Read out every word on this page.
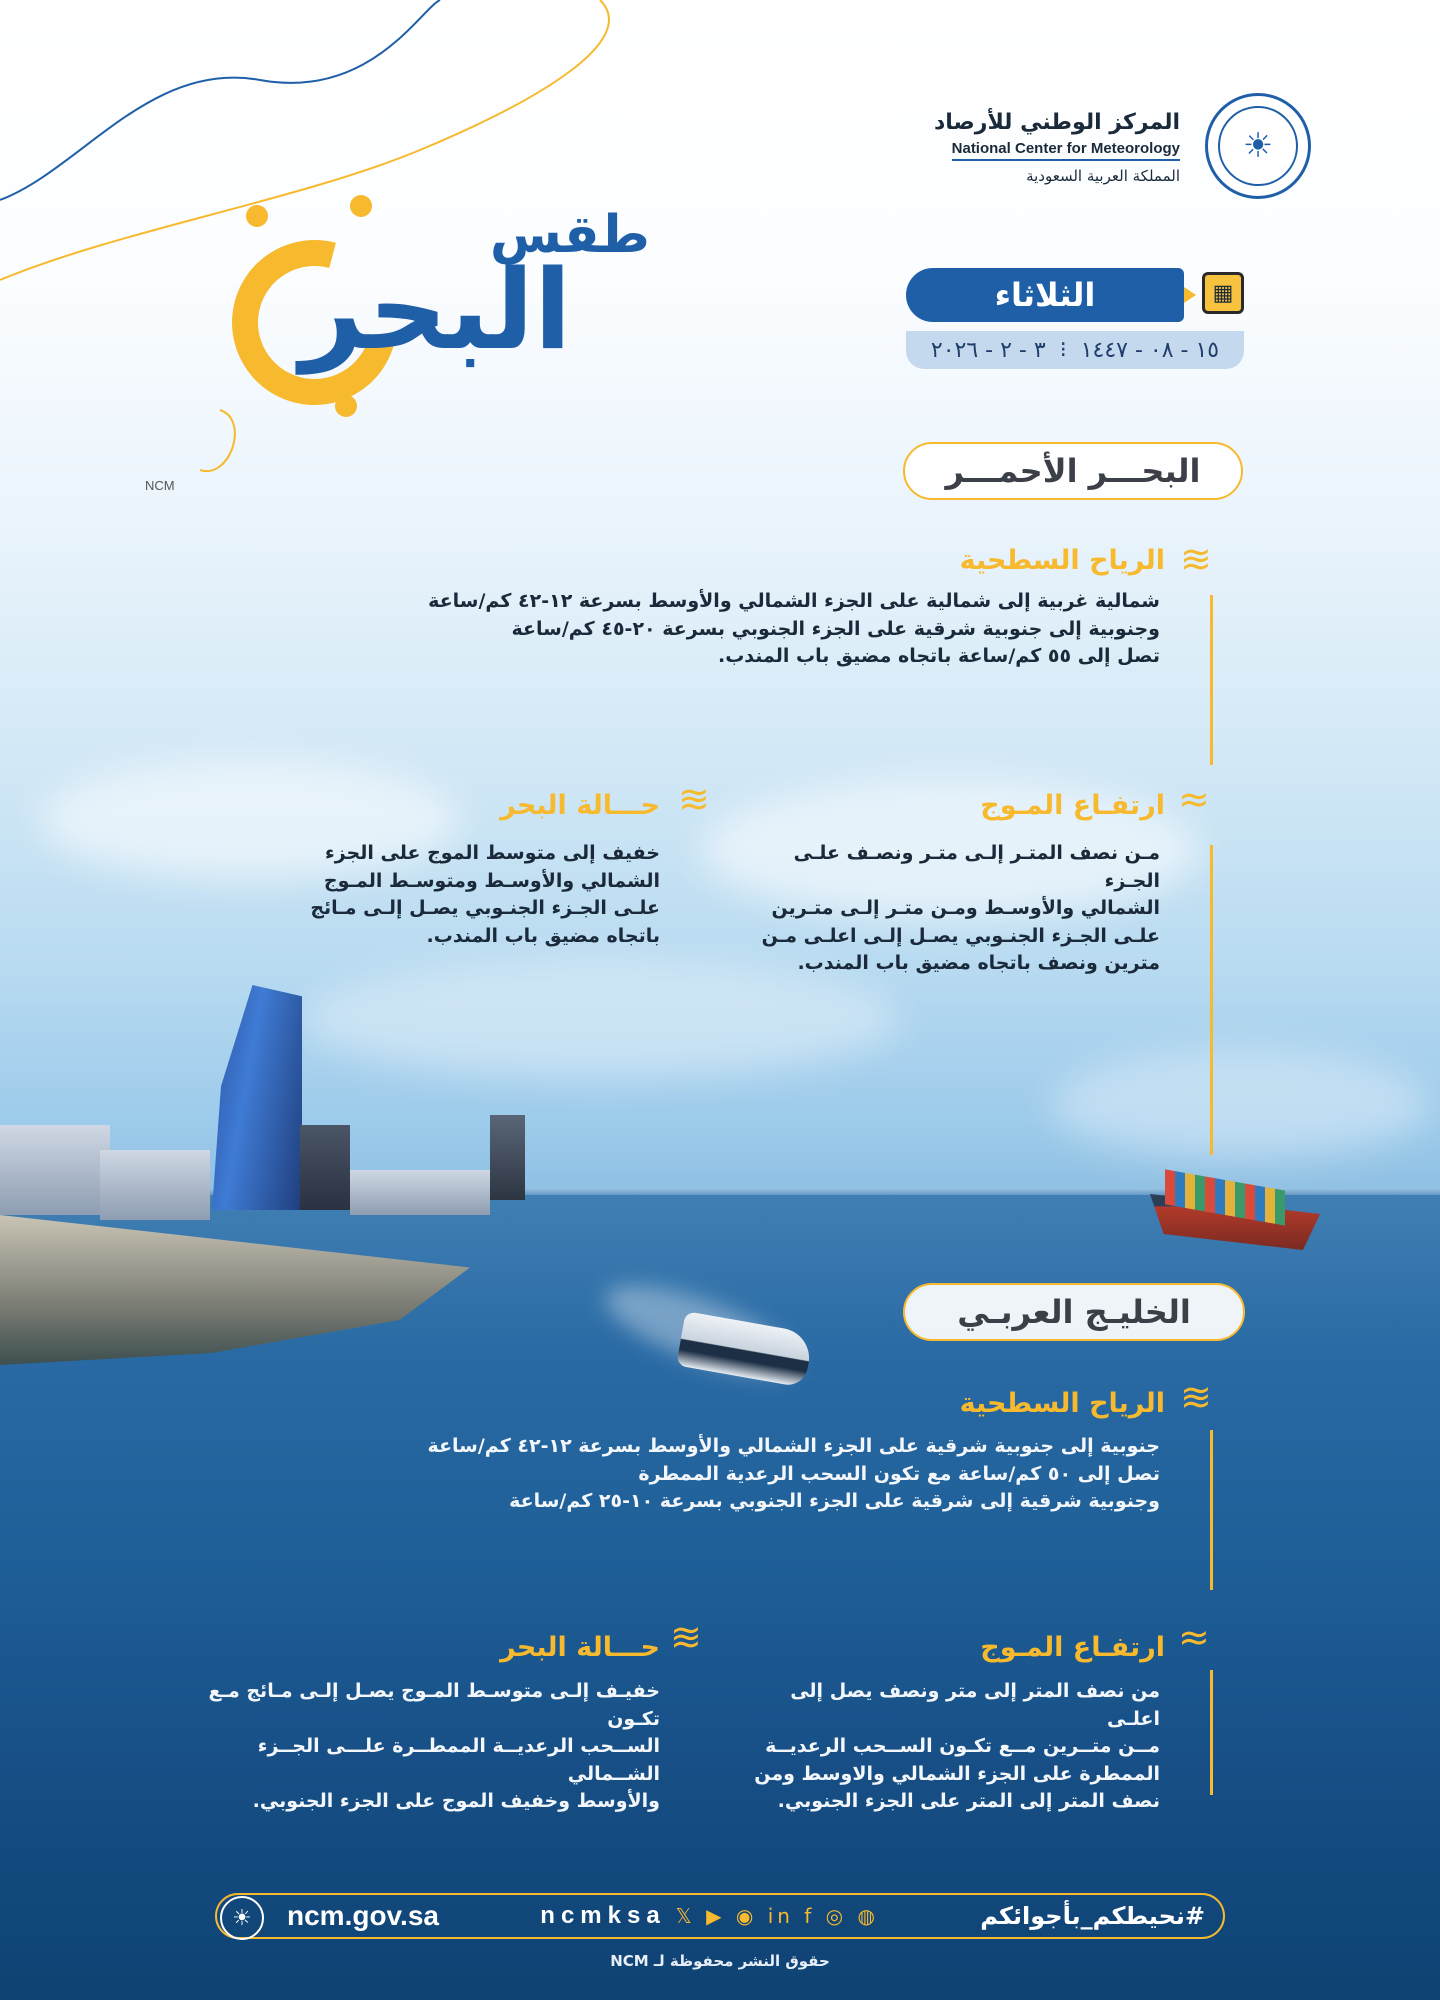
☀
المركز الوطني للأرصاد
National Center for Meteorology
المملكة العربية السعودية
طقس
البحر
NCM
الثلاثاء	▦
١٥ - ٠٨ - ١٤٤٧
⁝
٣ - ٢ - ٢٠٢٦
البحـــر الأحمـــر
≋
الرياح السطحية
شمالية غربية إلى شمالية على الجزء الشمالي والأوسط بسرعة ١٢-٤٢ كم/ساعة
وجنوبية إلى جنوبية شرقية على الجزء الجنوبي بسرعة ٢٠-٤٥ كم/ساعة
تصل إلى ٥٥ كم/ساعة باتجاه مضيق باب المندب.
≈
ارتفـاع المـوج
مـن نصف المتـر إلـى متـر ونصـف علـى الجـزء
الشمالي والأوسـط ومـن متـر إلـى متـرين
علـى الجـزء الجنـوبي يصـل إلـى اعلـى مـن
مترين ونصف باتجاه مضيق باب المندب.
≋
حـــالة البحر
خفيف إلى متوسط الموج على الجزء
الشمالي والأوسـط ومتوسـط المـوج
علـى الجـزء الجنـوبي يصـل إلـى مـائج
باتجاه مضيق باب المندب.
الخليـج العربـي
≋
الرياح السطحية
جنوبية إلى جنوبية شرقية على الجزء الشمالي والأوسط بسرعة ١٢-٤٢ كم/ساعة
تصل إلى ٥٠ كم/ساعة مع تكون السحب الرعدية الممطرة
وجنوبية شرقية إلى شرقية على الجزء الجنوبي بسرعة ١٠-٢٥ كم/ساعة
≈
ارتفـاع المـوج
من نصف المتر إلى متر ونصف يصل إلى اعلـى
مــن متــرين مــع تكـون الســحب الرعديــة
الممطرة على الجزء الشمالي والاوسط ومن
نصف المتر إلى المتر على الجزء الجنوبي.
≋
حـــالة البحر
خفيـف إلـى متوسـط المـوج يصـل إلـى مـائج مـع تكـون
الســحب الرعديــة الممطــرة علـــى الجــزء الشــمالي
والأوسط وخفيف الموج على الجزء الجنوبي.
ncm.gov.sa	ncmksa 𝕏 ▶ ◉ in f ◎ ◍	#نحيطكم_بأجوائكم
☀
حقوق النشر محفوظة لـ NCM
